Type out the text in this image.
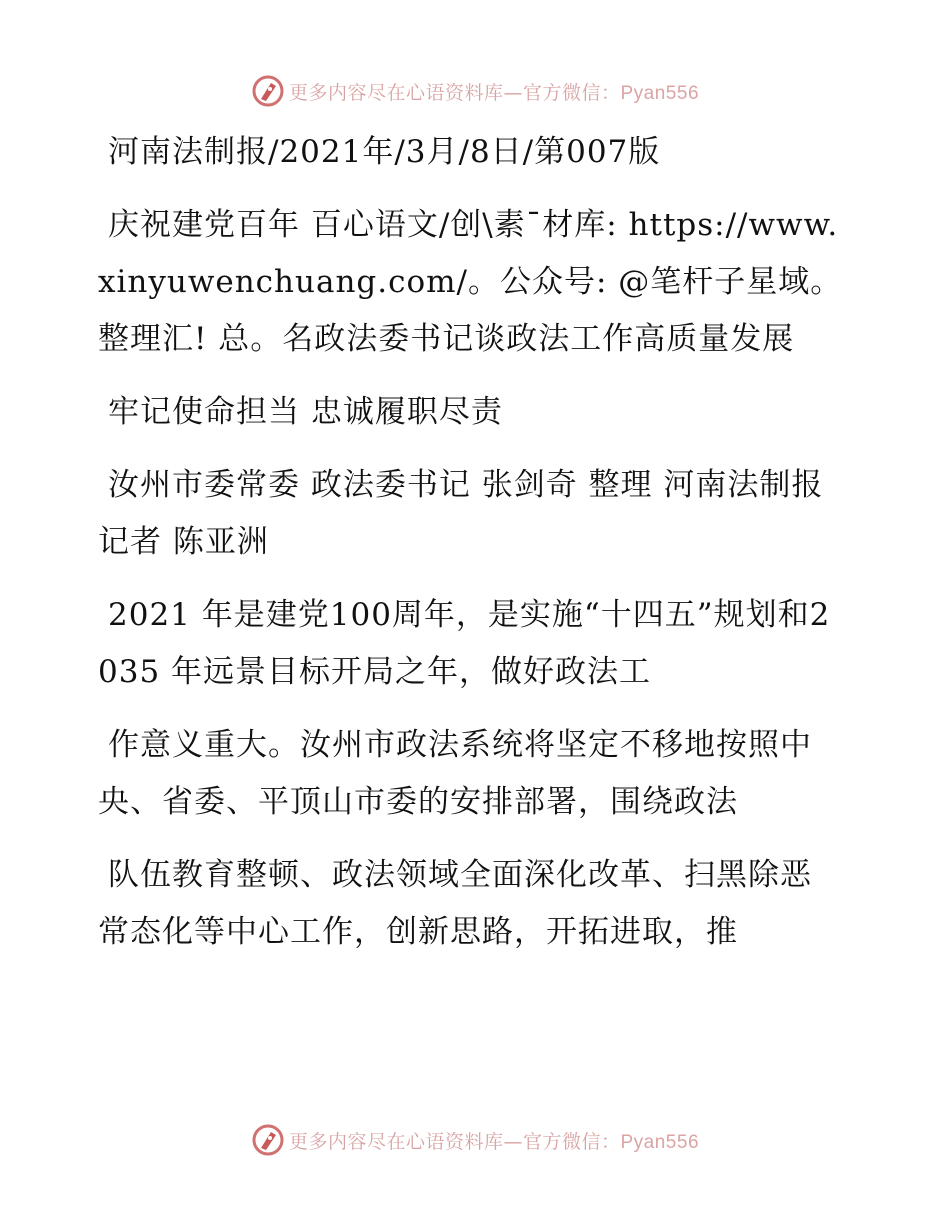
更多内容尽在心语资料库—官方微信：Pyan556

河南法制报/2021年/3月/8日/第007版

庆祝建党百年 百心语文/创\素¯材库: https://www.xinyuwenchuang.com/。公众号: @笔杆子星域。整理汇! 总。名政法委书记谈政法工作高质量发展

牢记使命担当 忠诚履职尽责

汝州市委常委 政法委书记 张剑奇 整理 河南法制报记者 陈亚洲

2021 年是建党100周年，是实施“十四五”规划和2035 年远景目标开局之年，做好政法工

作意义重大。汝州市政法系统将坚定不移地按照中央、省委、平顶山市委的安排部署，围绕政法

队伍教育整顿、政法领域全面深化改革、扫黑除恶常态化等中心工作，创新思路，开拓进取，推

更多内容尽在心语资料库—官方微信：Pyan556
